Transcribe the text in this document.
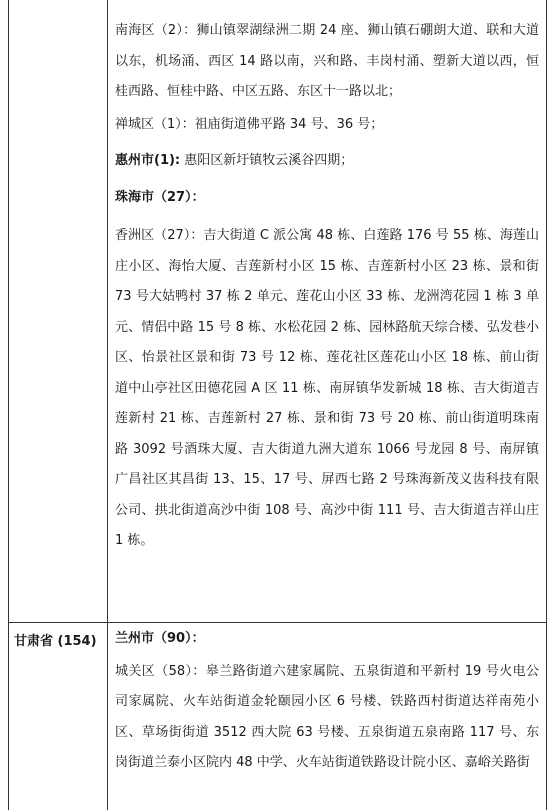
南海区（2）：狮山镇翠湖绿洲二期 24 座、狮山镇石硼朗大道、联和大道以东，机场涌、西区 14 路以南，兴和路、丰岗村涌、塑新大道以西，恒桂西路、恒桂中路、中区五路、东区十一路以北；
禅城区（1）：祖庙街道佛平路 34 号、36 号；
惠州市(1): 惠阳区新圩镇牧云溪谷四期；
珠海市（27）：
香洲区（27）：吉大街道 C 派公寓 48 栋、白莲路 176 号 55 栋、海莲山庄小区、海怡大厦、吉莲新村小区 15 栋、吉莲新村小区 23 栋、景和街 73 号大姑鸭村 37 栋 2 单元、莲花山小区 33 栋、龙洲湾花园 1 栋 3 单元、情侣中路 15 号 8 栋、水松花园 2 栋、园林路航天综合楼、弘发巷小区、怡景社区景和街 73 号 12 栋、莲花社区莲花山小区 18 栋、前山街道中山亭社区田德花园 A 区 11 栋、南屏镇华发新城 18 栋、吉大街道吉莲新村 21 栋、吉莲新村 27 栋、景和街 73 号 20 栋、前山街道明珠南路 3092 号酒珠大厦、吉大街道九洲大道东 1066 号龙园 8 号、南屏镇广昌社区其昌街 13、15、17 号、屏西七路 2 号珠海新茂义齿科技有限公司、拱北街道高沙中街 108 号、高沙中街 111 号、吉大街道吉祥山庄 1 栋。
甘肃省 (154) 兰州市（90）：
城关区（58）：皋兰路街道六建家属院、五泉街道和平新村 19 号火电公司家属院、火车站街道金轮颐园小区 6 号楼、铁路西村街道达祥南苑小区、草场街街道 3512 西大院 63 号楼、五泉街道五泉南路 117 号、东岗街道兰泰小区院内 48 中学、火车站街道铁路设计院小区、嘉峪关路街
